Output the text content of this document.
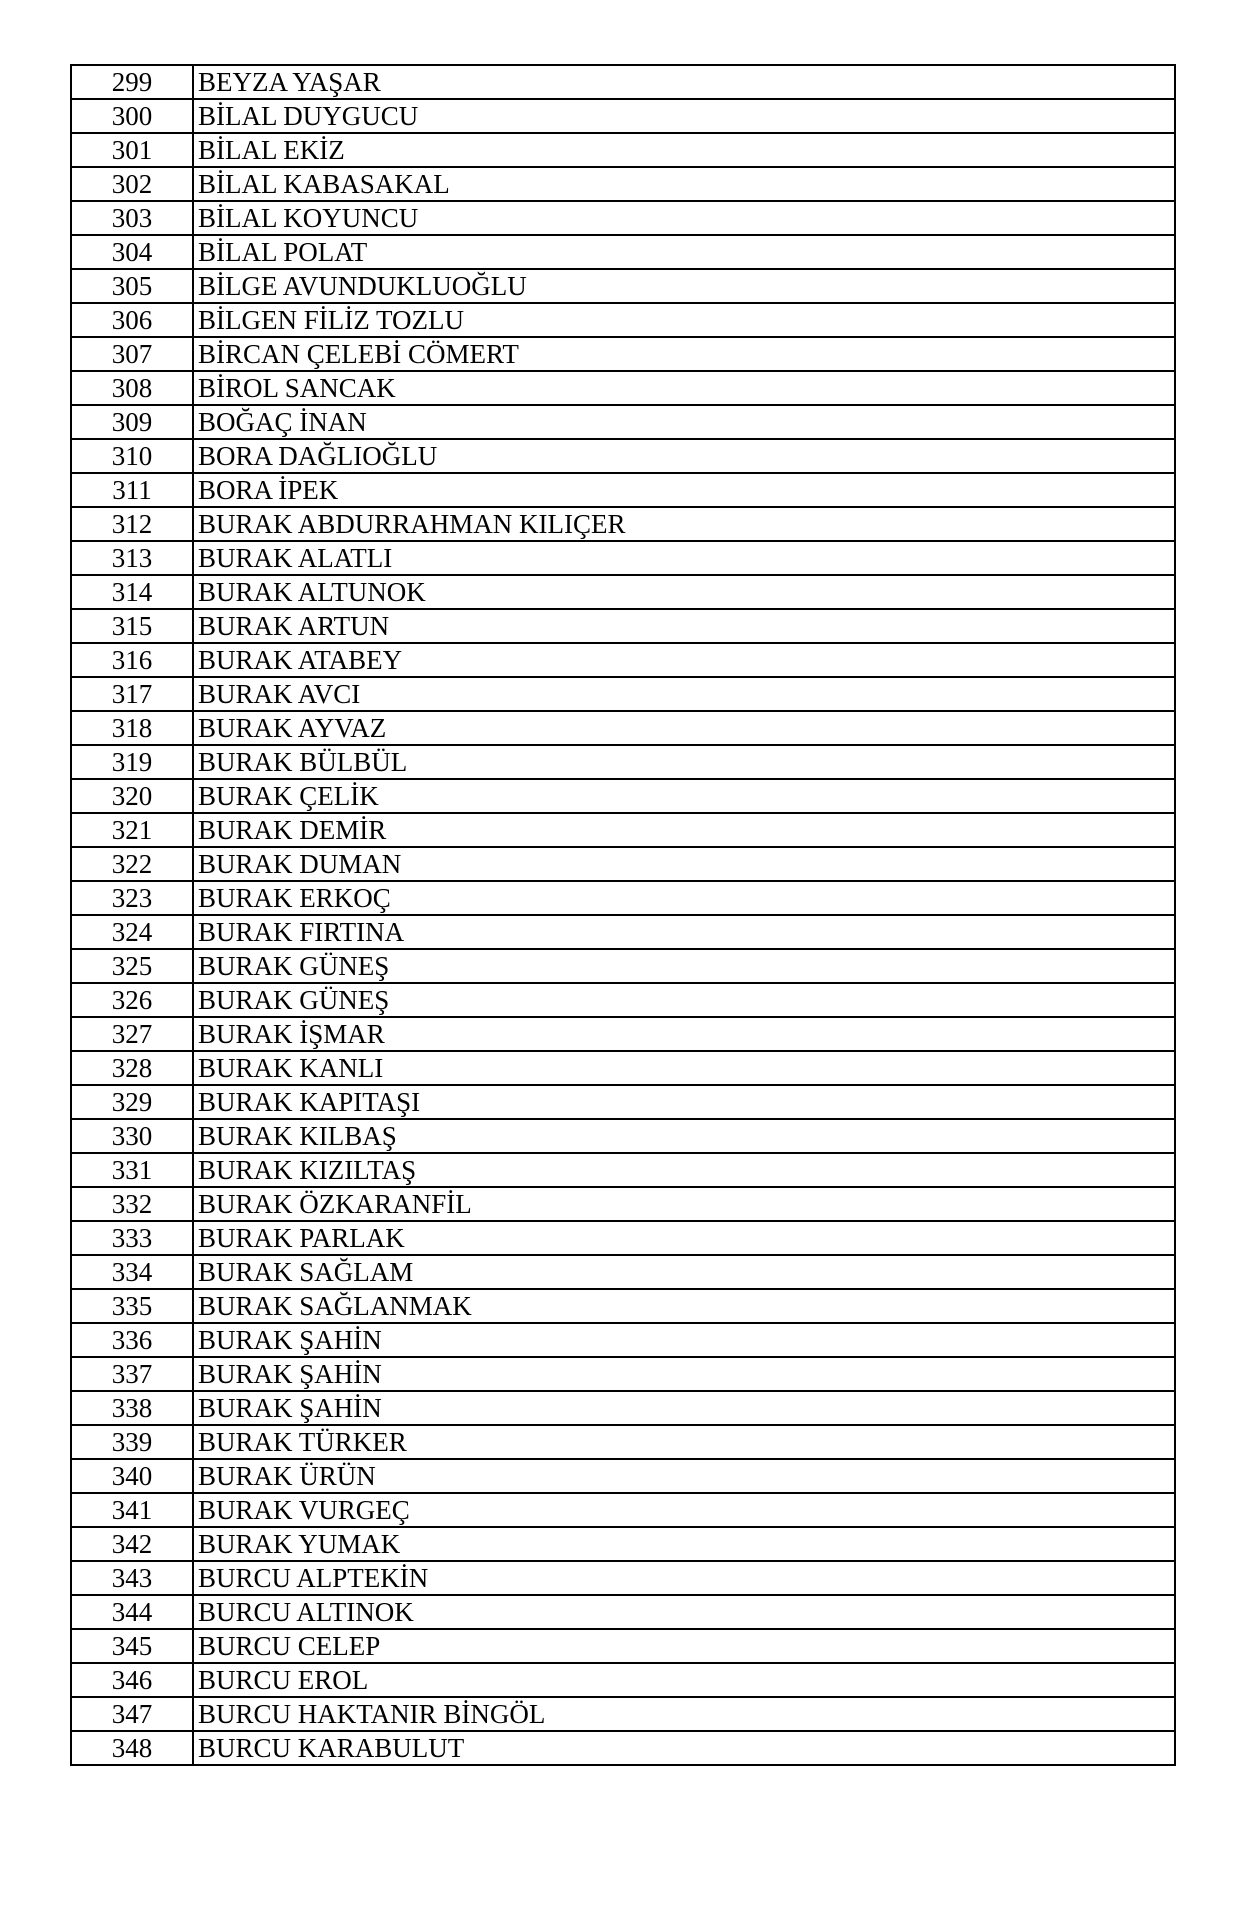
299	BEYZA YAŞAR
300	BİLAL DUYGUCU
301	BİLAL EKİZ
302	BİLAL KABASAKAL
303	BİLAL KOYUNCU
304	BİLAL POLAT
305	BİLGE AVUNDUKLUOĞLU
306	BİLGEN FİLİZ TOZLU
307	BİRCAN ÇELEBİ CÖMERT
308	BİROL SANCAK
309	BOĞAÇ İNAN
310	BORA DAĞLIOĞLU
311	BORA İPEK
312	BURAK ABDURRAHMAN KILIÇER
313	BURAK ALATLI
314	BURAK ALTUNOK
315	BURAK ARTUN
316	BURAK ATABEY
317	BURAK AVCI
318	BURAK AYVAZ
319	BURAK BÜLBÜL
320	BURAK ÇELİK
321	BURAK DEMİR
322	BURAK DUMAN
323	BURAK ERKOÇ
324	BURAK FIRTINA
325	BURAK GÜNEŞ
326	BURAK GÜNEŞ
327	BURAK İŞMAR
328	BURAK KANLI
329	BURAK KAPITAŞI
330	BURAK KILBAŞ
331	BURAK KIZILTAŞ
332	BURAK ÖZKARANFİL
333	BURAK PARLAK
334	BURAK SAĞLAM
335	BURAK SAĞLANMAK
336	BURAK ŞAHİN
337	BURAK ŞAHİN
338	BURAK ŞAHİN
339	BURAK TÜRKER
340	BURAK ÜRÜN
341	BURAK VURGEÇ
342	BURAK YUMAK
343	BURCU ALPTEKİN
344	BURCU ALTINOK
345	BURCU CELEP
346	BURCU EROL
347	BURCU HAKTANIR BİNGÖL
348	BURCU KARABULUT
